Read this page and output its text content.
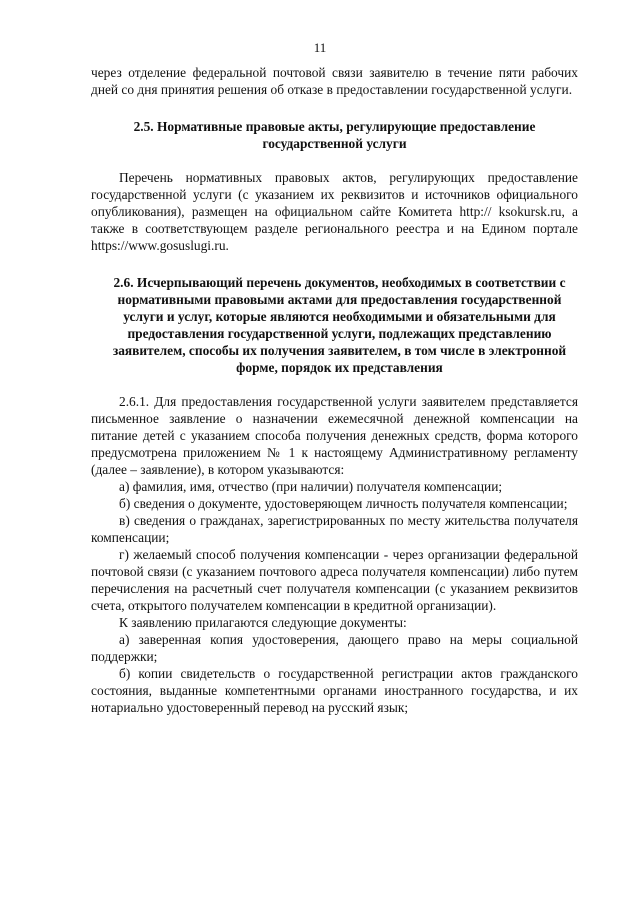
11

через отделение федеральной почтовой связи заявителю в течение пяти рабочих дней со дня принятия решения об отказе в предоставлении государственной услуги.

2.5. Нормативные правовые акты, регулирующие предоставление

государственной услуги

Перечень нормативных правовых актов, регулирующих предоставление государственной услуги (с указанием их реквизитов и источников официального опубликования), размещен на официальном сайте Комитета http:// ksokursk.ru, а также в соответствующем разделе регионального реестра и на Едином портале https://www.gosuslugi.ru.

2.6. Исчерпывающий перечень документов, необходимых в соответствии с нормативными правовыми актами для предоставления государственной услуги и услуг, которые являются необходимыми и обязательными для предоставления государственной услуги, подлежащих представлению заявителем, способы их получения заявителем, в том числе в электронной форме, порядок их представления

2.6.1. Для предоставления государственной услуги заявителем представляется письменное заявление о назначении ежемесячной денежной компенсации на питание детей с указанием способа получения денежных средств, форма которого предусмотрена приложением № 1 к настоящему Административному регламенту (далее – заявление), в котором указываются:

а) фамилия, имя, отчество (при наличии) получателя компенсации;

б) сведения о документе, удостоверяющем личность получателя компенсации;

в) сведения о гражданах, зарегистрированных по месту жительства получателя компенсации;

г) желаемый способ получения компенсации - через организации федеральной почтовой связи (с указанием почтового адреса получателя компенсации) либо путем перечисления на расчетный счет получателя компенсации (с указанием реквизитов счета, открытого получателем компенсации в кредитной организации).

К заявлению прилагаются следующие документы:

а) заверенная копия удостоверения, дающего право на меры социальной поддержки;

б) копии свидетельств о государственной регистрации актов гражданского состояния, выданные компетентными органами иностранного государства, и их нотариально удостоверенный перевод на русский язык;
